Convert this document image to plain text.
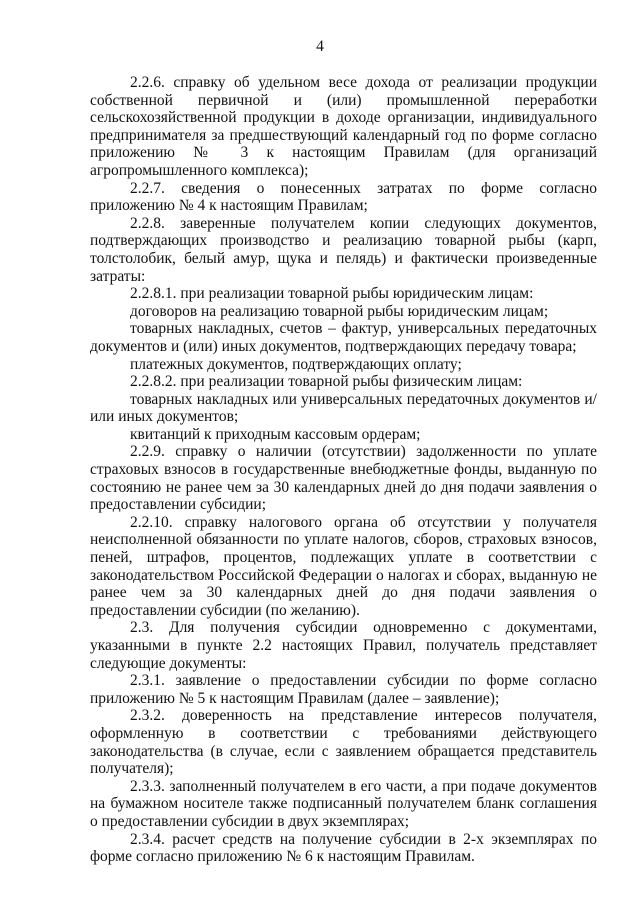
4

2.2.6. справку об удельном весе дохода от реализации продукции собственной первичной и (или) промышленной переработки сельскохозяйственной продукции в доходе организации, индивидуального предпринимателя за предшествующий календарный год по форме согласно приложению № 3 к настоящим Правилам (для организаций агропромышленного комплекса);

2.2.7. сведения о понесенных затратах по форме согласно приложению № 4 к настоящим Правилам;

2.2.8. заверенные получателем копии следующих документов, подтверждающих производство и реализацию товарной рыбы (карп, толстолобик, белый амур, щука и пелядь) и фактически произведенные затраты:

2.2.8.1. при реализации товарной рыбы юридическим лицам:

договоров на реализацию товарной рыбы юридическим лицам;

товарных накладных, счетов – фактур, универсальных передаточных документов и (или) иных документов, подтверждающих передачу товара;

платежных документов, подтверждающих оплату;

2.2.8.2. при реализации товарной рыбы физическим лицам:

товарных накладных или универсальных передаточных документов и/или иных документов;

квитанций к приходным кассовым ордерам;

2.2.9. справку о наличии (отсутствии) задолженности по уплате страховых взносов в государственные внебюджетные фонды, выданную по состоянию не ранее чем за 30 календарных дней до дня подачи заявления о предоставлении субсидии;

2.2.10. справку налогового органа об отсутствии у получателя неисполненной обязанности по уплате налогов, сборов, страховых взносов, пеней, штрафов, процентов, подлежащих уплате в соответствии с законодательством Российской Федерации о налогах и сборах, выданную не ранее чем за 30 календарных дней до дня подачи заявления о предоставлении субсидии (по желанию).

2.3. Для получения субсидии одновременно с документами, указанными в пункте 2.2 настоящих Правил, получатель представляет следующие документы:

2.3.1. заявление о предоставлении субсидии по форме согласно приложению № 5 к настоящим Правилам (далее – заявление);

2.3.2. доверенность на представление интересов получателя, оформленную в соответствии с требованиями действующего законодательства (в случае, если с заявлением обращается представитель получателя);

2.3.3. заполненный получателем в его части, а при подаче документов на бумажном носителе также подписанный получателем бланк соглашения о предоставлении субсидии в двух экземплярах;

2.3.4. расчет средств на получение субсидии в 2-х экземплярах по форме согласно приложению № 6 к настоящим Правилам.
